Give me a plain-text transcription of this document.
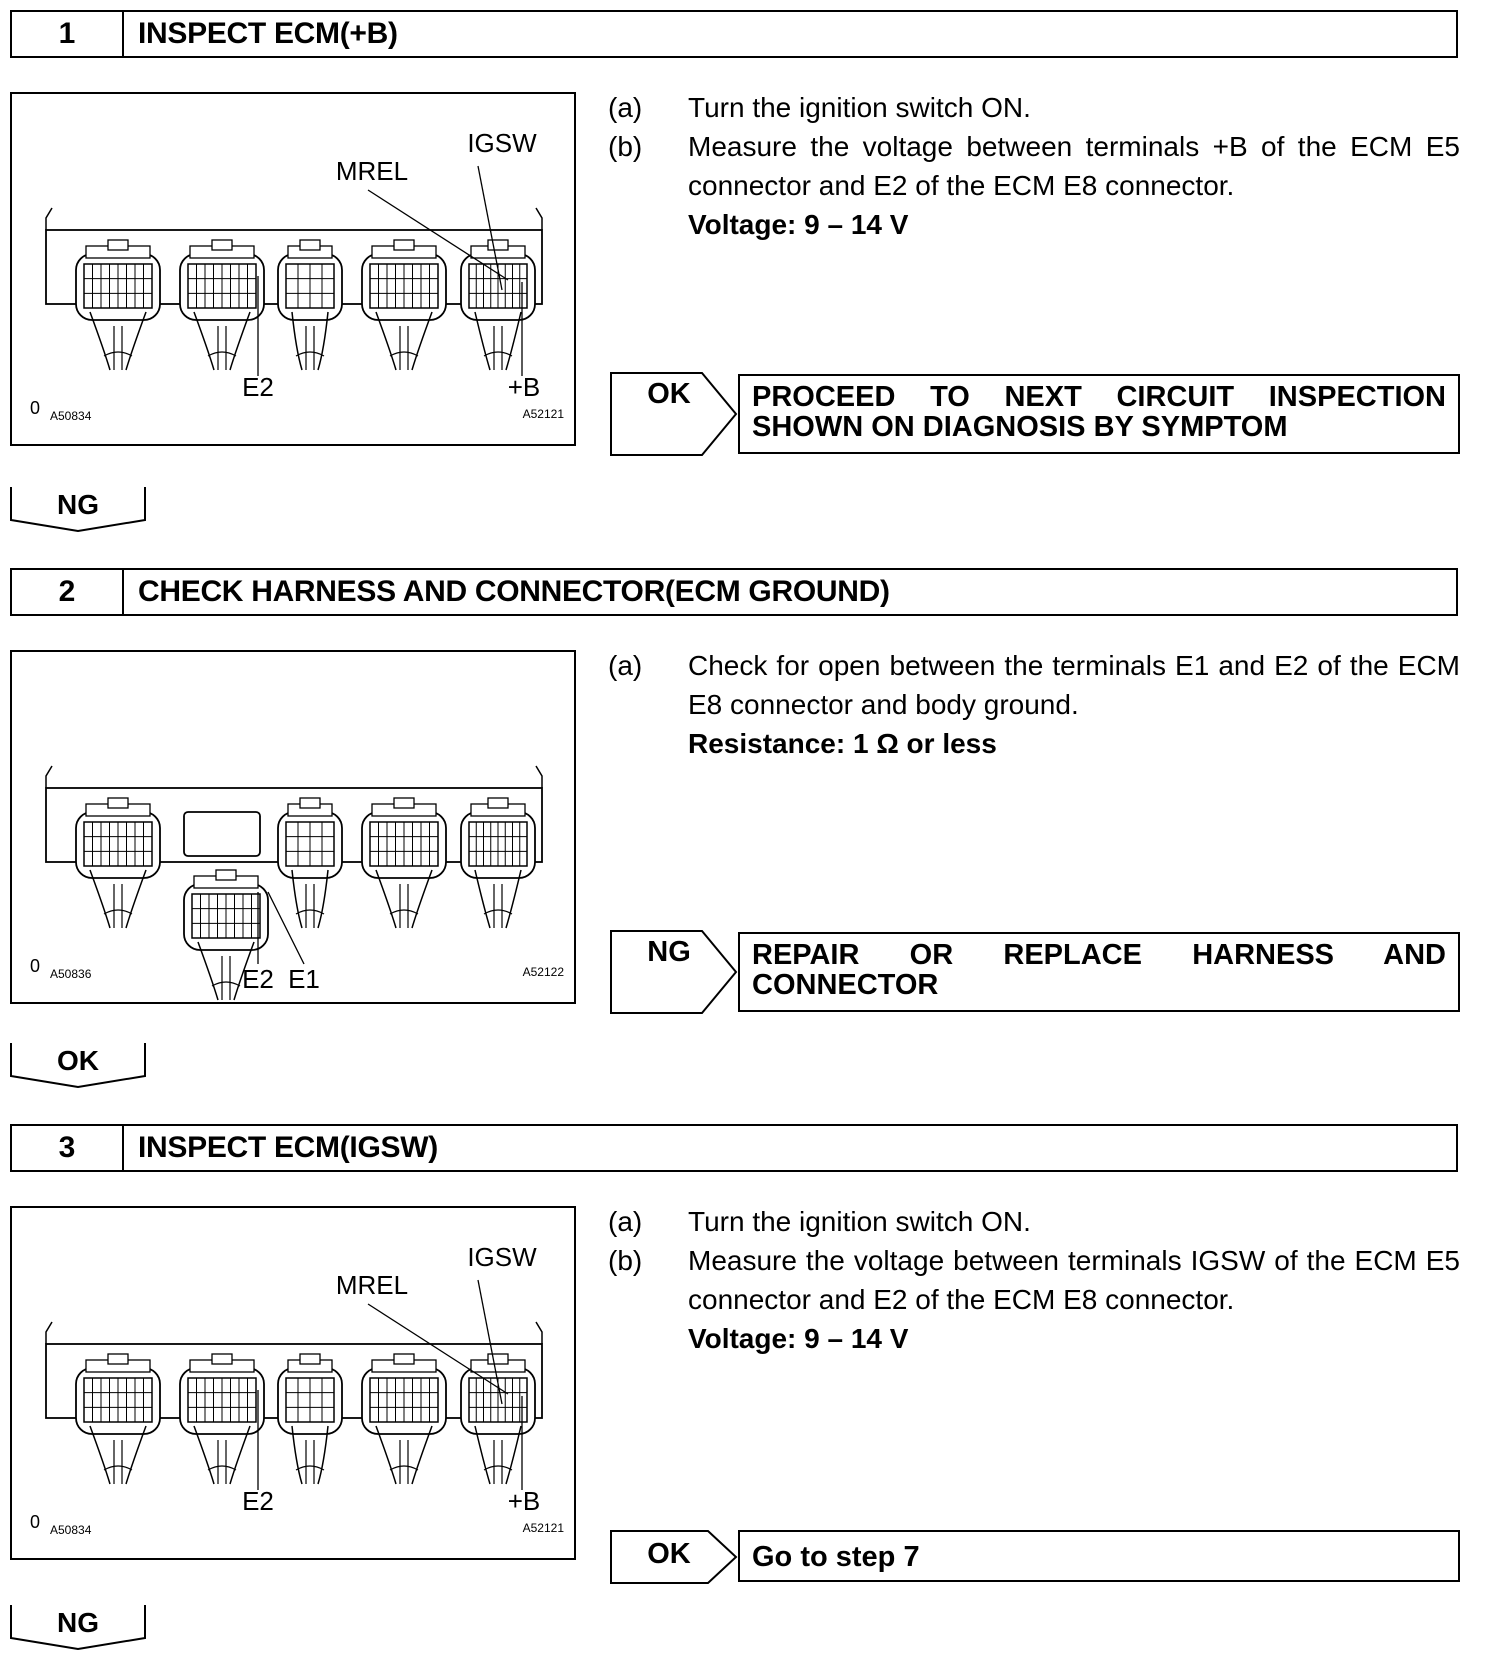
1	INSPECT ECM(+B)
IGSW
MREL
E2	+B
0 A50834	A52121
(a)	Turn the ignition switch ON.
(b)	Measure the voltage between terminals +B of the ECM E5 connector and E2 of the ECM E8 connector.
Voltage: 9 – 14 V
OK	PROCEED TO NEXT CIRCUIT INSPECTION
SHOWN ON DIAGNOSIS BY SYMPTOM
NG
2	CHECK HARNESS AND CONNECTOR(ECM GROUND)
E2 E1
0 A50836	A52122
(a)	Check for open between the terminals E1 and E2 of the ECM E8 connector and body ground.
Resistance: 1 Ω or less
NG	REPAIR OR REPLACE HARNESS AND
CONNECTOR
OK
3	INSPECT ECM(IGSW)
IGSW
MREL
E2	+B
0 A50834	A52121
(a)	Turn the ignition switch ON.
(b)	Measure the voltage between terminals IGSW of the ECM E5 connector and E2 of the ECM E8 connector.
Voltage: 9 – 14 V
OK	Go to step 7
NG
